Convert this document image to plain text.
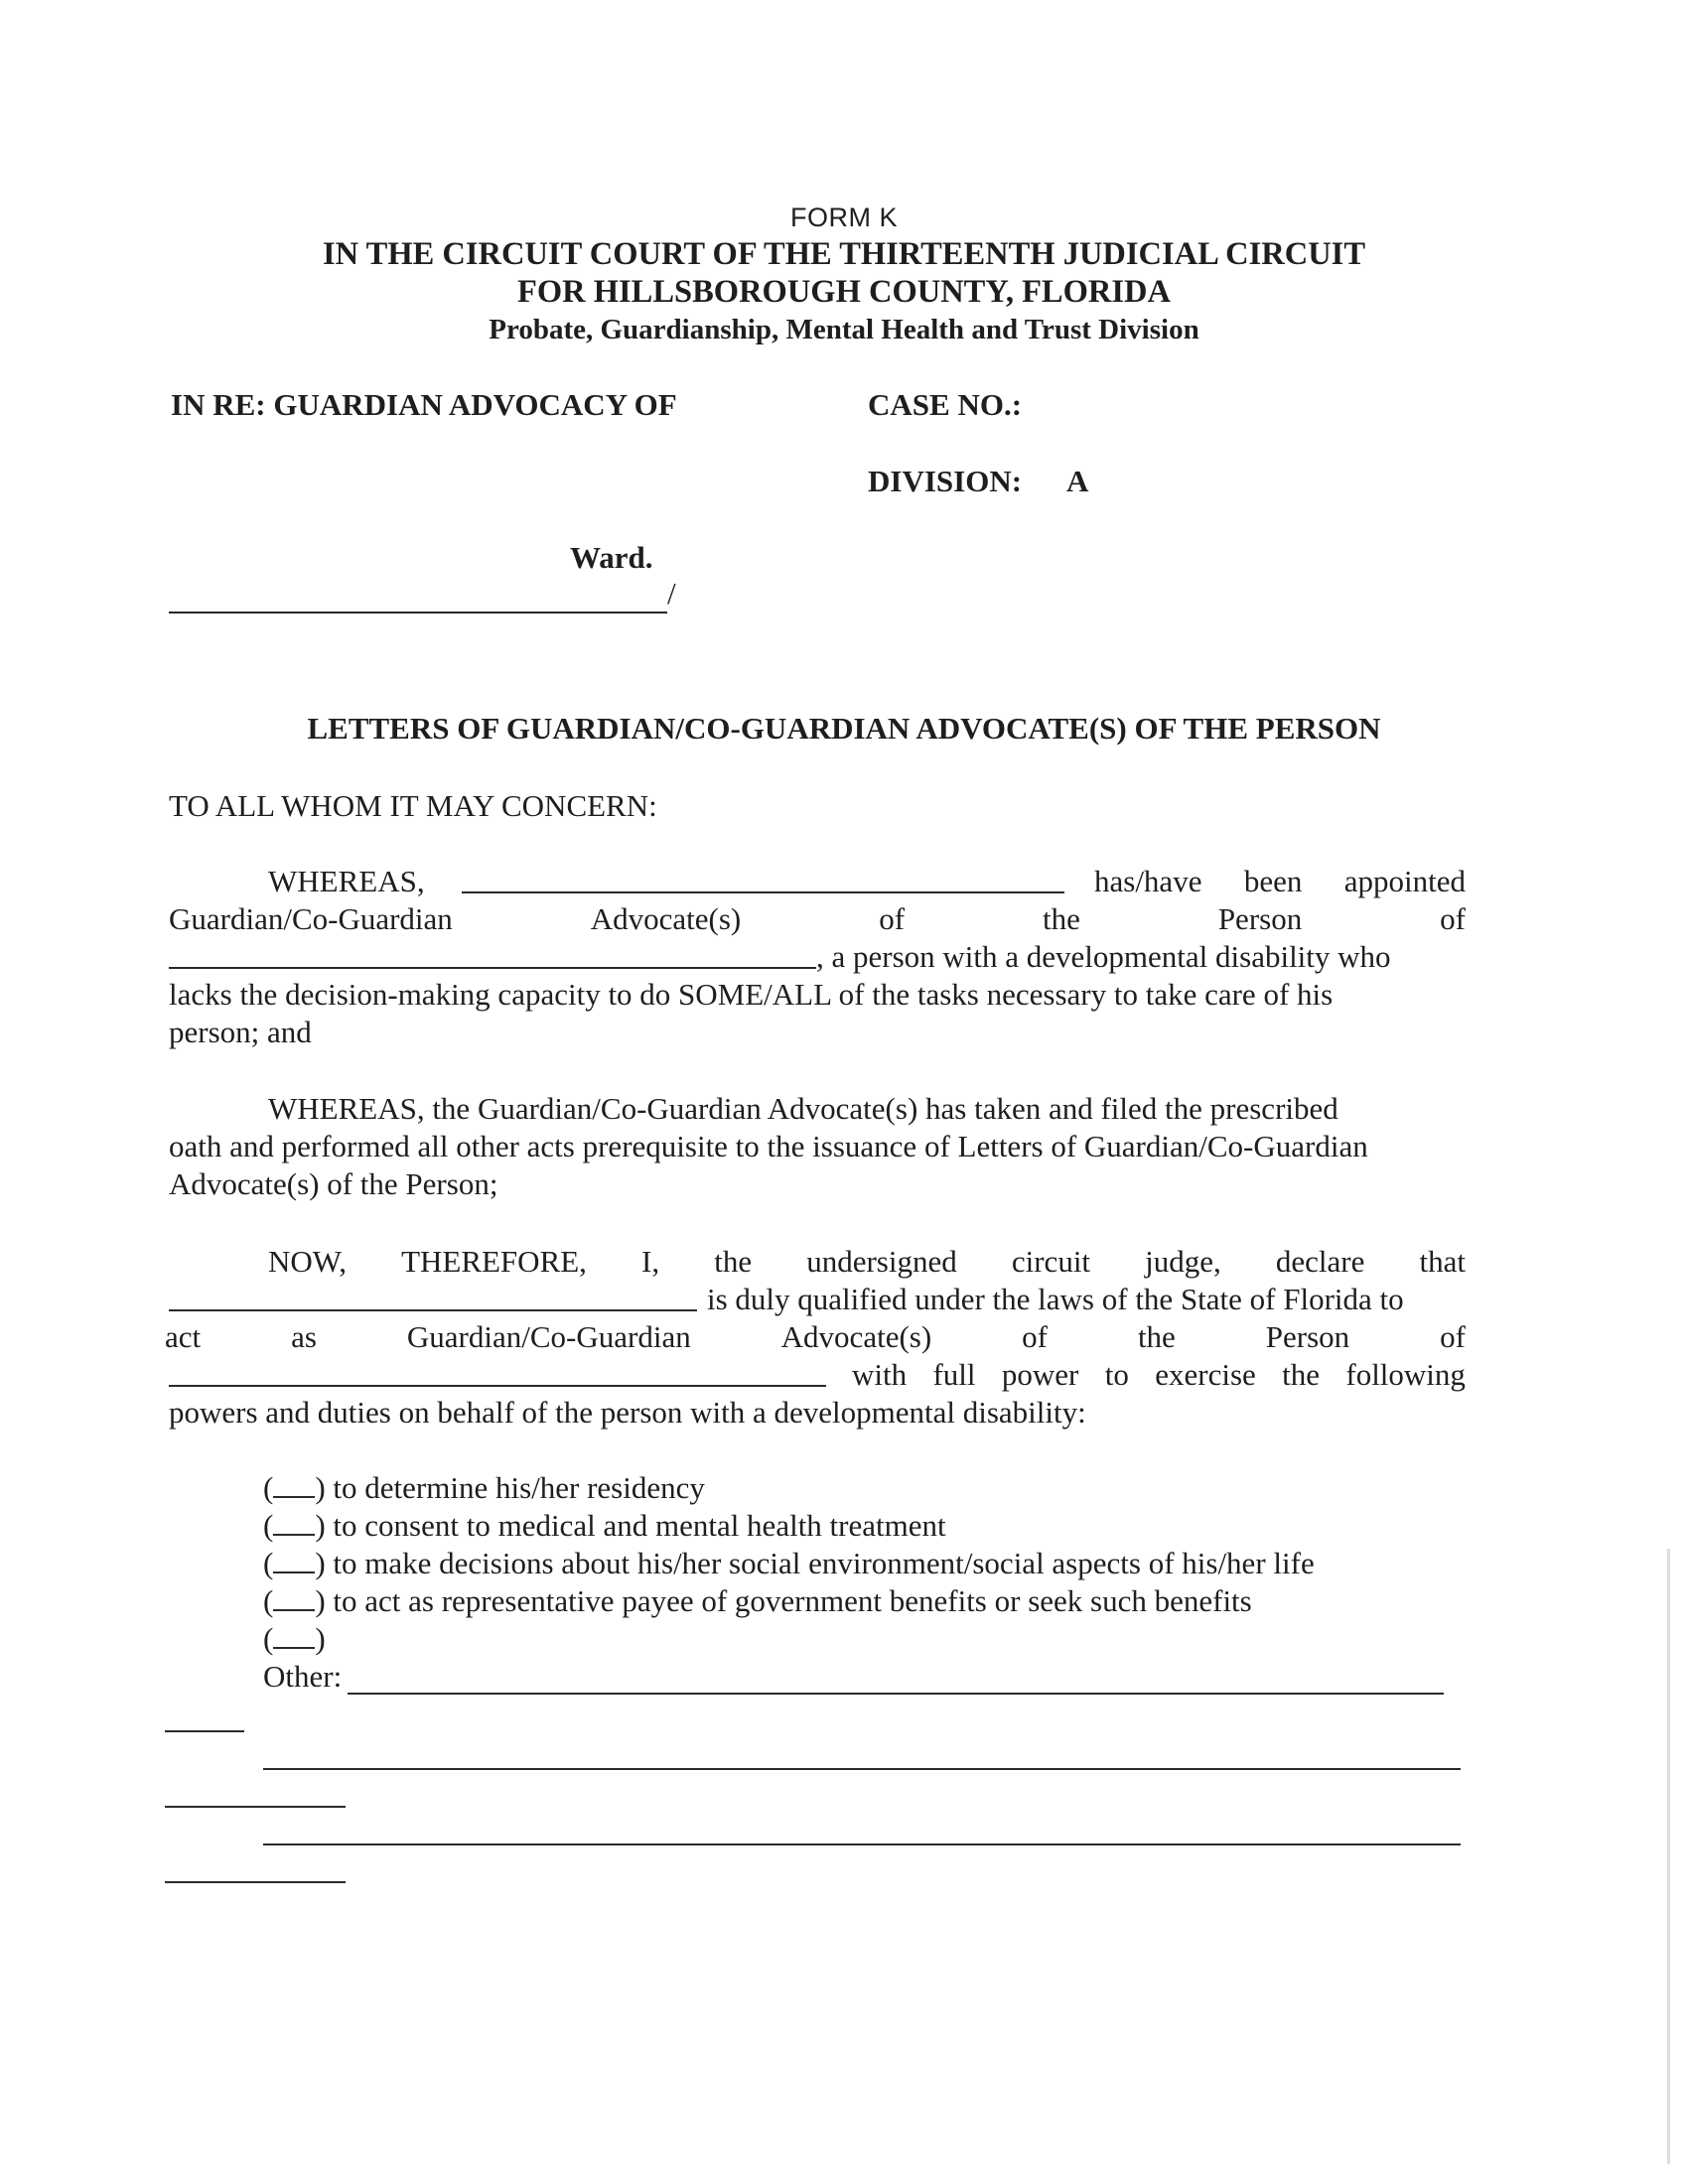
FORM K
IN THE CIRCUIT COURT OF THE THIRTEENTH JUDICIAL CIRCUIT
FOR HILLSBOROUGH COUNTY, FLORIDA
Probate, Guardianship, Mental Health and Trust Division
IN RE: GUARDIAN ADVOCACY OF	CASE NO.:
DIVISION: A
Ward.
/
LETTERS OF GUARDIAN/CO-GUARDIAN ADVOCATE(S) OF THE PERSON
TO ALL WHOM IT MAY CONCERN:
WHEREAS,	has/have been appointed
Guardian/Co-Guardian	Advocate(s)	of	the	Person	of
, a person with a developmental disability who
lacks the decision-making capacity to do SOME/ALL of the tasks necessary to take care of his
person; and
WHEREAS, the Guardian/Co-Guardian Advocate(s) has taken and filed the prescribed
oath and performed all other acts prerequisite to the issuance of Letters of Guardian/Co-Guardian
Advocate(s) of the Person;
NOW, THEREFORE, I, the undersigned circuit judge, declare that
is duly qualified under the laws of the State of Florida to
act	as	Guardian/Co-Guardian	Advocate(s)	of	the	Person	of
with full power to exercise the following
powers and duties on behalf of the person with a developmental disability:
( ) to determine his/her residency
( ) to consent to medical and mental health treatment
( ) to make decisions about his/her social environment/social aspects of his/her life
( ) to act as representative payee of government benefits or seek such benefits
( )
Other:
